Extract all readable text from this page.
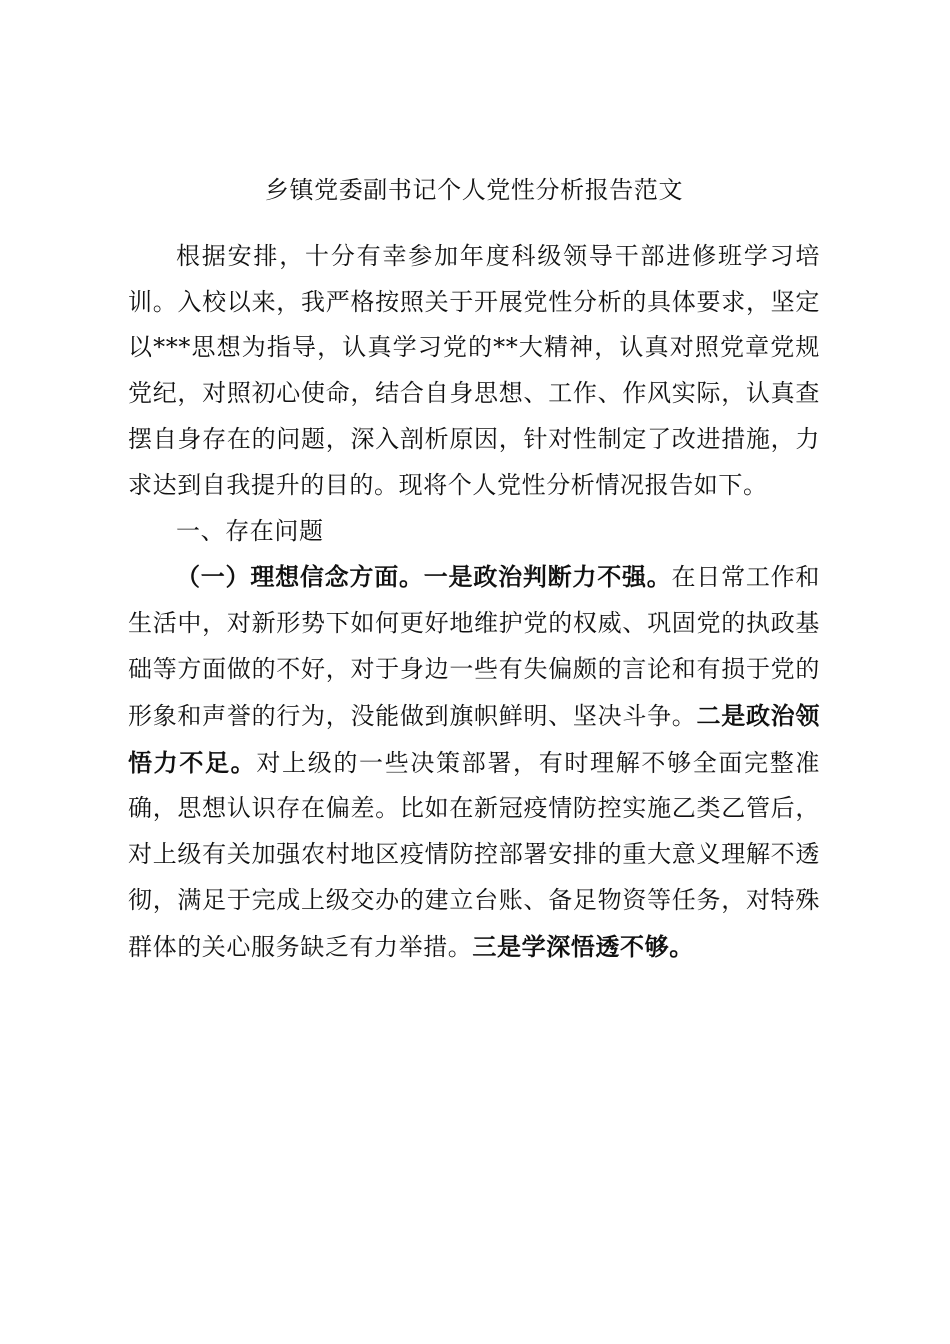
乡镇党委副书记个人党性分析报告范文

根据安排，十分有幸参加年度科级领导干部进修班学习培训。入校以来，我严格按照关于开展党性分析的具体要求，坚定以***思想为指导，认真学习党的**大精神，认真对照党章党规党纪，对照初心使命，结合自身思想、工作、作风实际，认真查摆自身存在的问题，深入剖析原因，针对性制定了改进措施，力求达到自我提升的目的。现将个人党性分析情况报告如下。

一、存在问题

（一）理想信念方面。一是政治判断力不强。在日常工作和生活中，对新形势下如何更好地维护党的权威、巩固党的执政基础等方面做的不好，对于身边一些有失偏颇的言论和有损于党的形象和声誉的行为，没能做到旗帜鲜明、坚决斗争。二是政治领悟力不足。对上级的一些决策部署，有时理解不够全面完整准确，思想认识存在偏差。比如在新冠疫情防控实施乙类乙管后，对上级有关加强农村地区疫情防控部署安排的重大意义理解不透彻，满足于完成上级交办的建立台账、备足物资等任务，对特殊群体的关心服务缺乏有力举措。三是学深悟透不够。
